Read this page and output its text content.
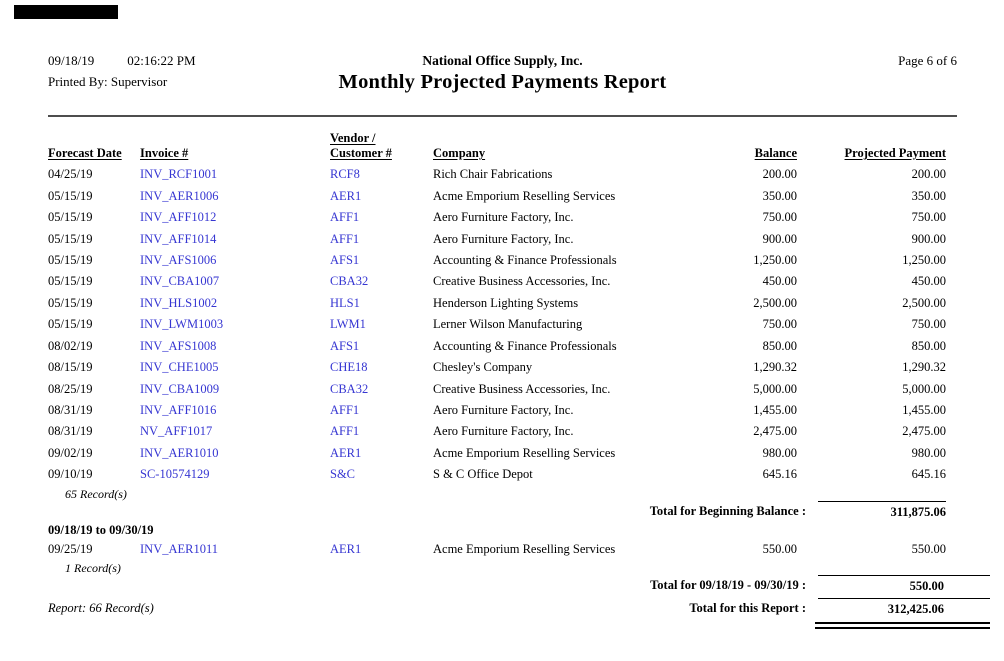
09/18/19	02:16:22 PM
Printed By: Supervisor
National Office Supply, Inc.
Monthly Projected Payments Report
Page 6 of 6
Forecast Date	Invoice #	Vendor /
Customer #	Company	Balance	Projected Payment
04/25/19	INV_RCF1001	RCF8	Rich Chair Fabrications	200.00	200.00
05/15/19	INV_AER1006	AER1	Acme Emporium Reselling Services	350.00	350.00
05/15/19	INV_AFF1012	AFF1	Aero Furniture Factory, Inc.	750.00	750.00
05/15/19	INV_AFF1014	AFF1	Aero Furniture Factory, Inc.	900.00	900.00
05/15/19	INV_AFS1006	AFS1	Accounting & Finance Professionals	1,250.00	1,250.00
05/15/19	INV_CBA1007	CBA32	Creative Business Accessories, Inc.	450.00	450.00
05/15/19	INV_HLS1002	HLS1	Henderson Lighting Systems	2,500.00	2,500.00
05/15/19	INV_LWM1003	LWM1	Lerner Wilson Manufacturing	750.00	750.00
08/02/19	INV_AFS1008	AFS1	Accounting & Finance Professionals	850.00	850.00
08/15/19	INV_CHE1005	CHE18	Chesley's Company	1,290.32	1,290.32
08/25/19	INV_CBA1009	CBA32	Creative Business Accessories, Inc.	5,000.00	5,000.00
08/31/19	INV_AFF1016	AFF1	Aero Furniture Factory, Inc.	1,455.00	1,455.00
08/31/19	NV_AFF1017	AFF1	Aero Furniture Factory, Inc.	2,475.00	2,475.00
09/02/19	INV_AER1010	AER1	Acme Emporium Reselling Services	980.00	980.00
09/10/19	SC-10574129	S&C	S & C Office Depot	645.16	645.16
65 Record(s)
Total for Beginning Balance :	311,875.06
09/18/19 to 09/30/19
09/25/19	INV_AER1011	AER1	Acme Emporium Reselling Services	550.00	550.00
1 Record(s)
Total for 09/18/19 - 09/30/19 :	550.00
Report: 66 Record(s)	Total for this Report :	312,425.06
